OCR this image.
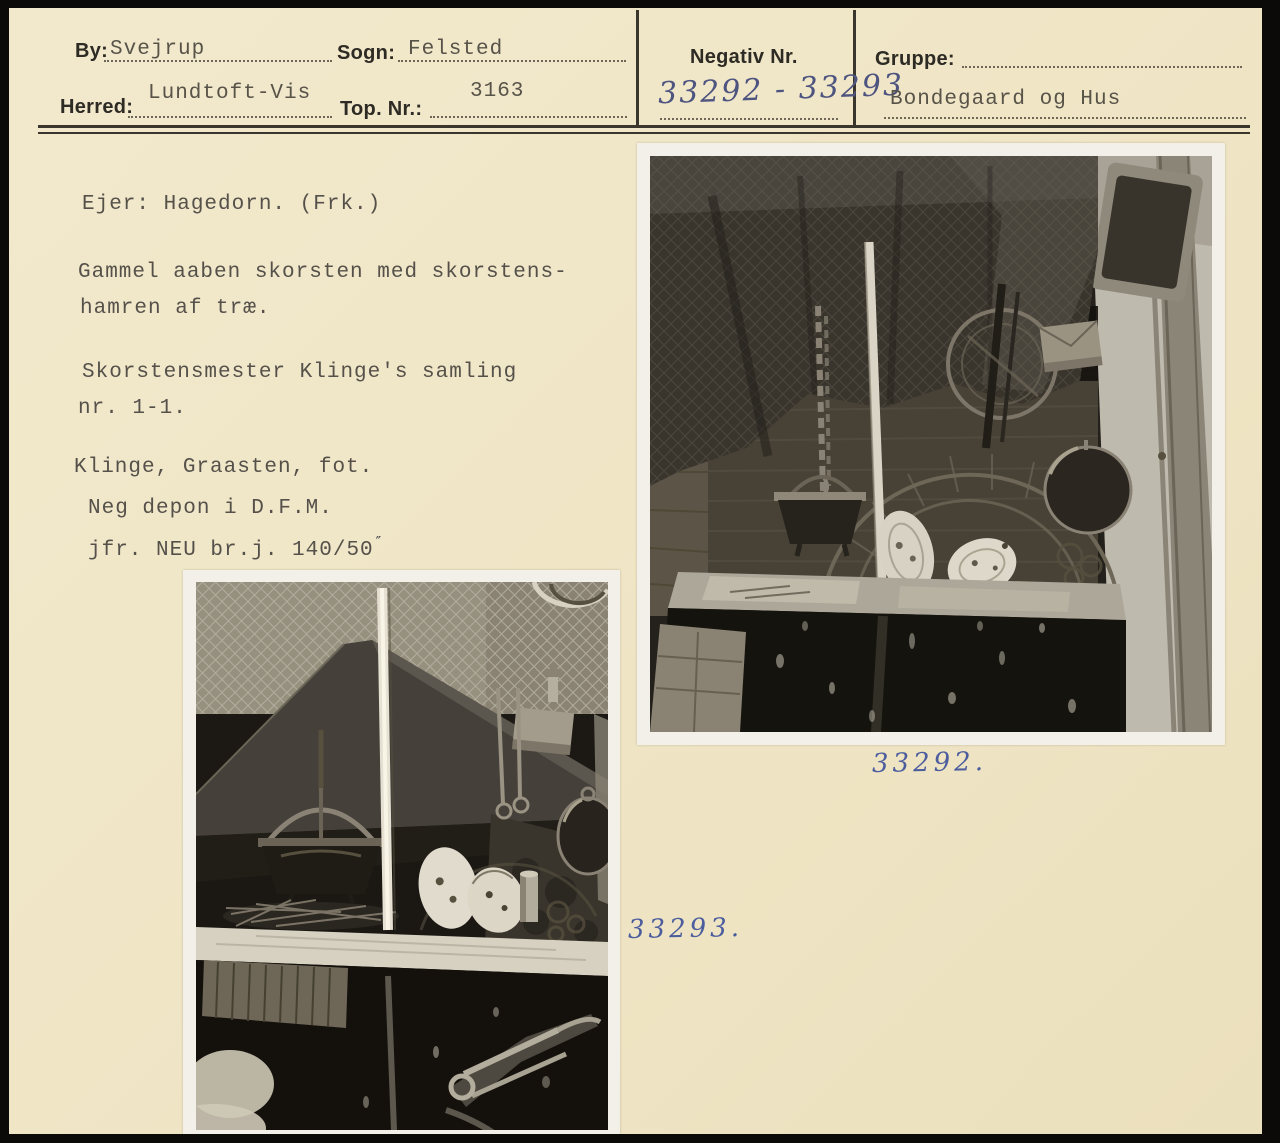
By: Svejrup	Sogn: Felsted
Lundtoft-Vis
Herred:	Top. Nr.:
3163
Negativ Nr.
33292 - 33293
Gruppe:
Bondegaard og Hus
Ejer: Hagedorn. (Frk.)
Gammel aaben skorsten med skorstens-
hamren af træ.
Skorstensmester Klinge's samling
nr. 1-1.
Klinge, Graasten, fot.
Neg depon i D.F.M.
jfr. NEU br.j. 140/50 ″
33292.
33293.
